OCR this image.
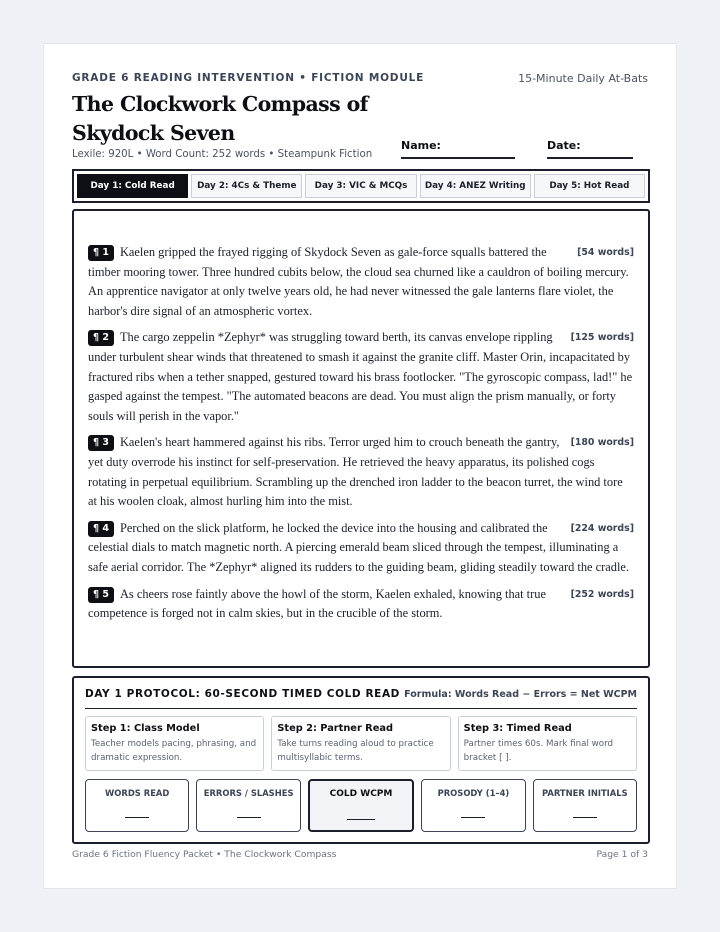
GRADE 6 READING INTERVENTION • FICTION MODULE
The Clockwork Compass of Skydock Seven
Lexile: 920L • Word Count: 252 words • Steampunk Fiction
15-Minute Daily At-Bats
Name:	Date:
Day 1: Cold Read	Day 2: 4Cs & Theme	Day 3: VIC & MCQs	Day 4: ANEZ Writing	Day 5: Hot Read
[54 words]
¶ 1 Kaelen gripped the frayed rigging of Skydock Seven as gale-force squalls battered the timber mooring tower. Three hundred cubits below, the cloud sea churned like a cauldron of boiling mercury. An apprentice navigator at only twelve years old, he had never witnessed the gale lanterns flare violet, the harbor's dire signal of an atmospheric vortex.
[125 words]
¶ 2 The cargo zeppelin *Zephyr* was struggling toward berth, its canvas envelope rippling under turbulent shear winds that threatened to smash it against the granite cliff. Master Orin, incapacitated by fractured ribs when a tether snapped, gestured toward his brass footlocker. "The gyroscopic compass, lad!" he gasped against the tempest. "The automated beacons are dead. You must align the prism manually, or forty souls will perish in the vapor."
[180 words]
¶ 3 Kaelen's heart hammered against his ribs. Terror urged him to crouch beneath the gantry, yet duty overrode his instinct for self-preservation. He retrieved the heavy apparatus, its polished cogs rotating in perpetual equilibrium. Scrambling up the drenched iron ladder to the beacon turret, the wind tore at his woolen cloak, almost hurling him into the mist.
[224 words]
¶ 4 Perched on the slick platform, he locked the device into the housing and calibrated the celestial dials to match magnetic north. A piercing emerald beam sliced through the tempest, illuminating a safe aerial corridor. The *Zephyr* aligned its rudders to the guiding beam, gliding steadily toward the cradle.
[252 words]
¶ 5 As cheers rose faintly above the howl of the storm, Kaelen exhaled, knowing that true competence is forged not in calm skies, but in the crucible of the storm.
DAY 1 PROTOCOL: 60-SECOND TIMED COLD READ Formula: Words Read − Errors = Net WCPM
Step 1: Class Model
Teacher models pacing, phrasing, and dramatic expression.
Step 2: Partner Read
Take turns reading aloud to practice multisyllabic terms.
Step 3: Timed Read
Partner times 60s. Mark final word bracket [ ].
WORDS READ	ERRORS / SLASHES	COLD WCPM	PROSODY (1–4)	PARTNER INITIALS
Grade 6 Fiction Fluency Packet • The Clockwork Compass	Page 1 of 3
